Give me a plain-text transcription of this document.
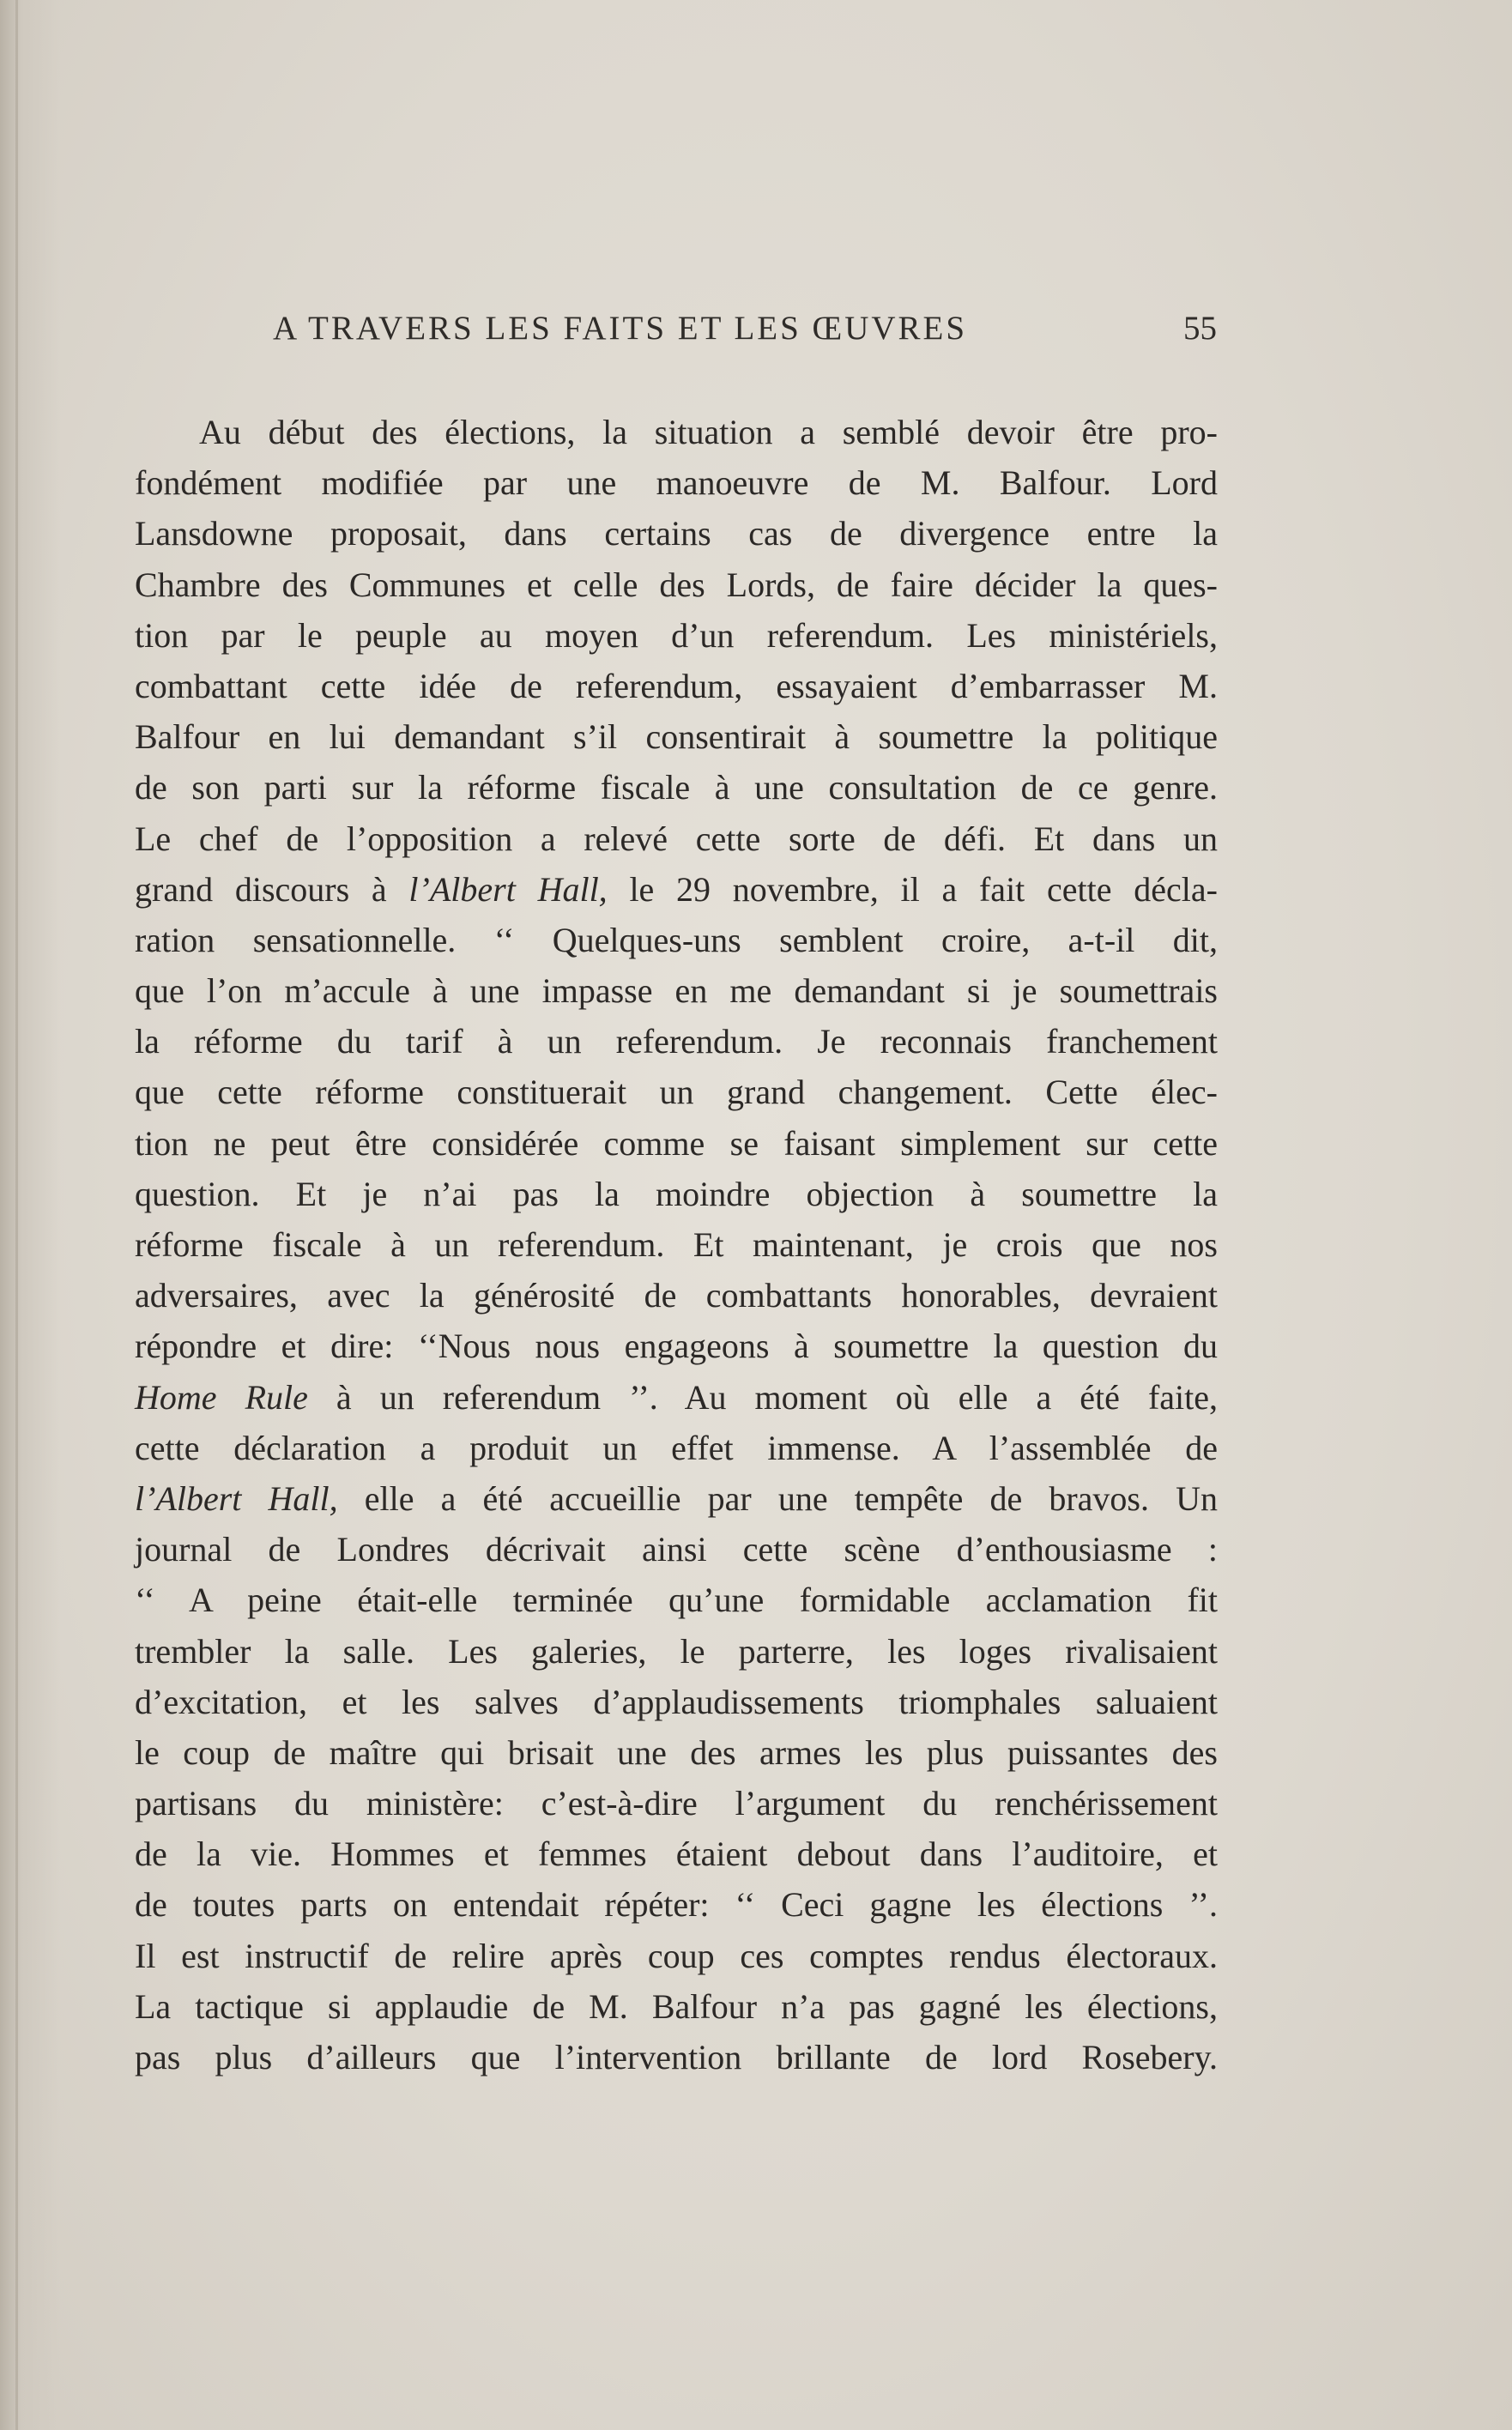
A TRAVERS LES FAITS ET LES ŒUVRES	55
Au début des élections, la situation a semblé devoir être pro-
fondément modifiée par une manoeuvre de M. Balfour. Lord
Lansdowne proposait, dans certains cas de divergence entre la
Chambre des Communes et celle des Lords, de faire décider la ques-
tion par le peuple au moyen d’un referendum. Les ministériels,
combattant cette idée de referendum, essayaient d’embarrasser M.
Balfour en lui demandant s’il consentirait à soumettre la politique
de son parti sur la réforme fiscale à une consultation de ce genre.
Le chef de l’opposition a relevé cette sorte de défi. Et dans un
grand discours à l’Albert Hall, le 29 novembre, il a fait cette décla-
ration sensationnelle. ‘‘ Quelques-uns semblent croire, a-t-il dit,
que l’on m’accule à une impasse en me demandant si je soumettrais
la réforme du tarif à un referendum. Je reconnais franchement
que cette réforme constituerait un grand changement. Cette élec-
tion ne peut être considérée comme se faisant simplement sur cette
question. Et je n’ai pas la moindre objection à soumettre la
réforme fiscale à un referendum. Et maintenant, je crois que nos
adversaires, avec la générosité de combattants honorables, devraient
répondre et dire: ‘‘Nous nous engageons à soumettre la question du
Home Rule à un referendum ’’. Au moment où elle a été faite,
cette déclaration a produit un effet immense. A l’assemblée de
l’Albert Hall, elle a été accueillie par une tempête de bravos. Un
journal de Londres décrivait ainsi cette scène d’enthousiasme :
‘‘ A peine était-elle terminée qu’une formidable acclamation fit
trembler la salle. Les galeries, le parterre, les loges rivalisaient
d’excitation, et les salves d’applaudissements triomphales saluaient
le coup de maître qui brisait une des armes les plus puissantes des
partisans du ministère: c’est-à-dire l’argument du renchérissement
de la vie. Hommes et femmes étaient debout dans l’auditoire, et
de toutes parts on entendait répéter: ‘‘ Ceci gagne les élections ’’.
Il est instructif de relire après coup ces comptes rendus électoraux.
La tactique si applaudie de M. Balfour n’a pas gagné les élections,
pas plus d’ailleurs que l’intervention brillante de lord Rosebery.
